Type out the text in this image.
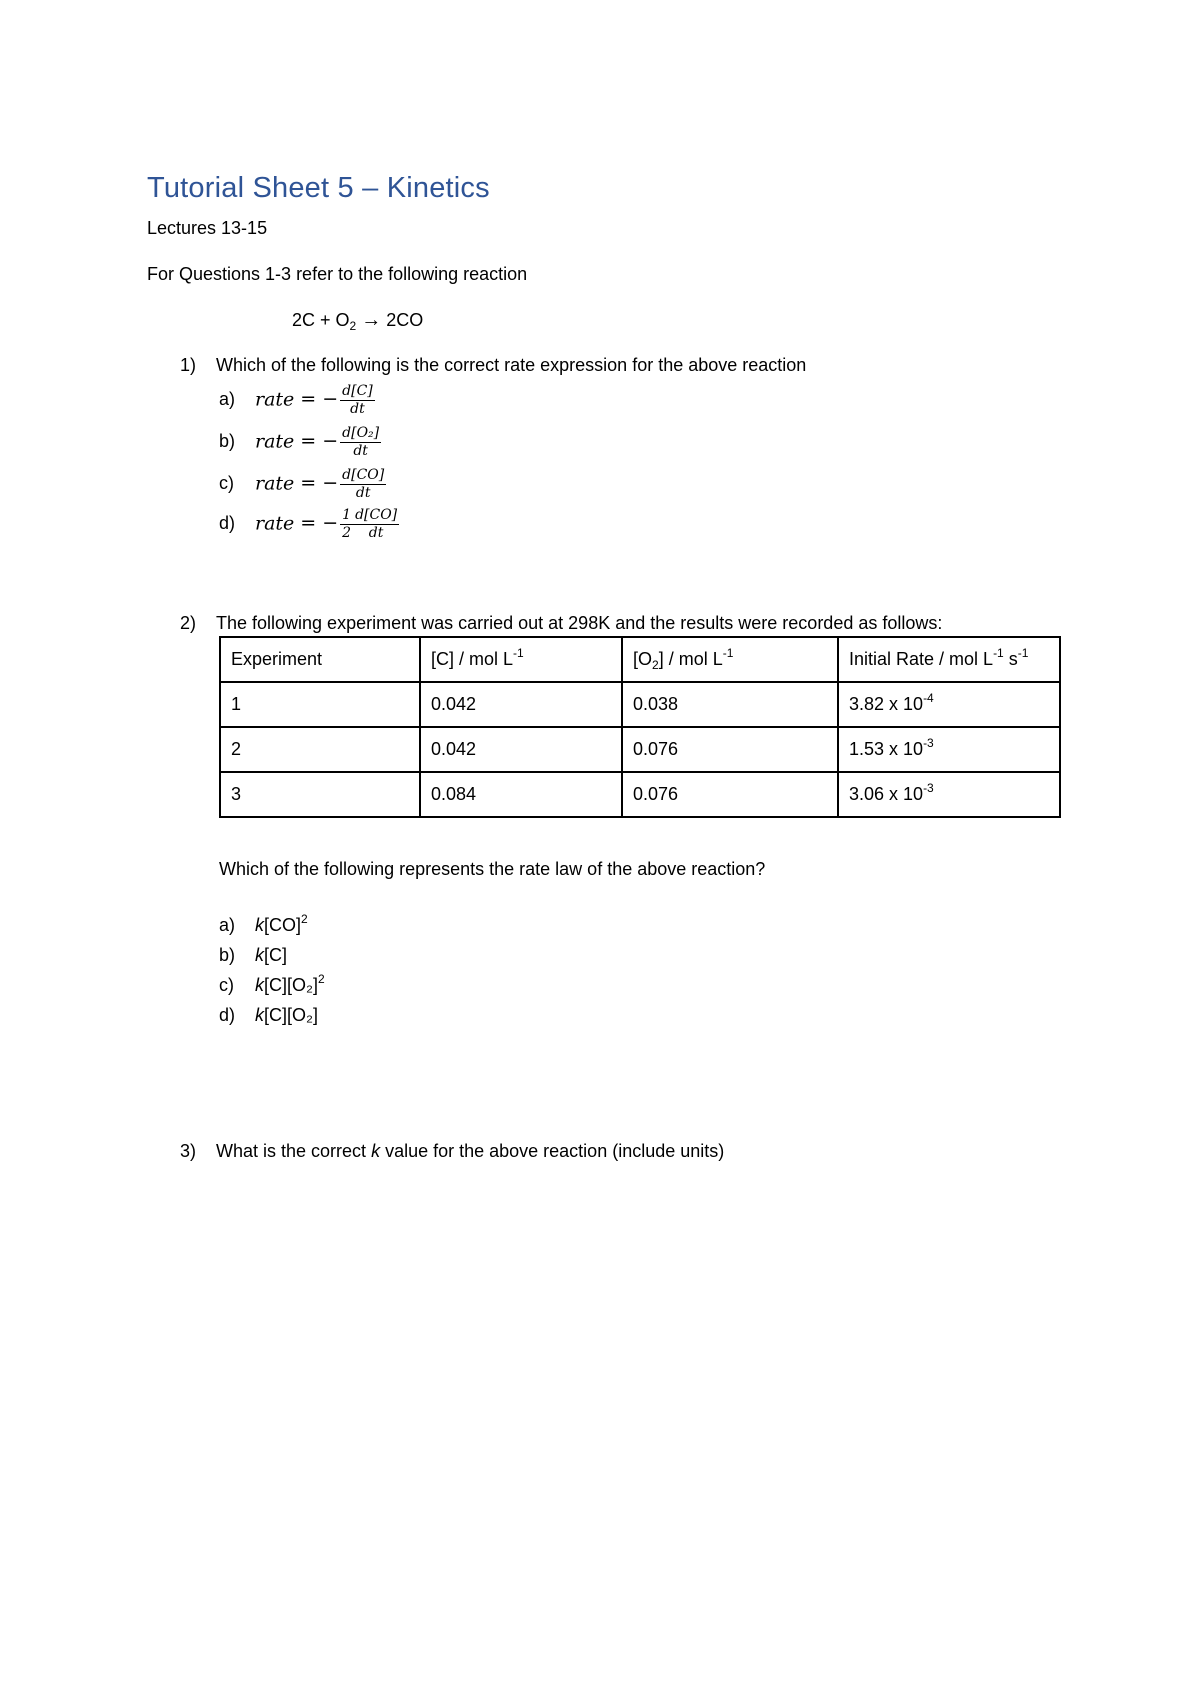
Tutorial Sheet 5 – Kinetics
Lectures 13-15
For Questions 1-3 refer to the following reaction
$2C + O_2 \to 2CO$
1) Which of the following is the correct rate expression for the above reaction
a) rate = − $\frac{d[C]}{dt}$
b) rate = − $\frac{\text{d[O₂]}}{dt}$
c) rate = − $\frac{d[CO]}{dt}$
d) rate = − $\frac{1}{2} \frac{d[CO]}{dt}$
2) The following experiment was carried out at 298K and the results were recorded as follows:
Experiment	[C] / mol $L^{-1}$	$[O_2]$ / mol $L^{-1}$	Initial Rate / mol $L^{-1}$ $s^{-1}$
1	0.042	0.038	3.82 x $10^{-4}$
2	0.042	0.076	1.53 x $10^{-3}$
3	0.084	0.076	3.06 x $10^{-3}$
Which of the following represents the rate law of the above reaction?
a) k[CO]$^2$
b) k[C]
c) $k[C][O_2]^2$
d) k[C][O₂]
3) What is the correct k value for the above reaction (include units)
